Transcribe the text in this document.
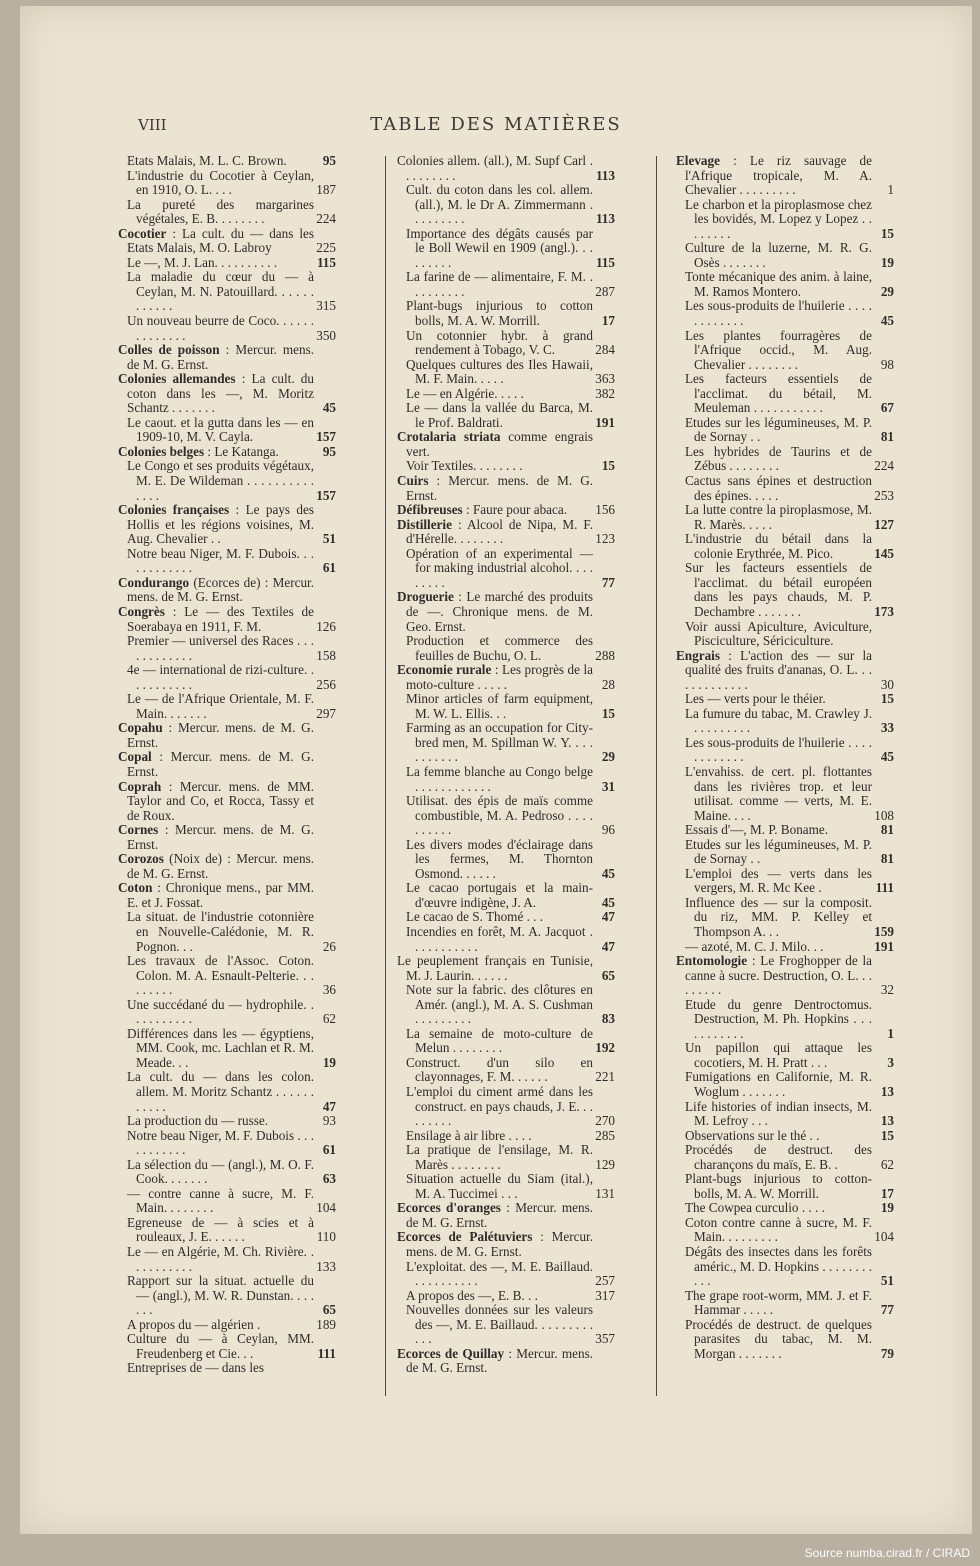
VIII	TABLE DES MATIÈRES
Etats Malais, M. L. C. Brown.	95
L'industrie du Cocotier à Ceylan, en 1910, O. L. . . .	187
La pureté des margarines végétales, E. B. . . . . . . .	224
Cocotier : La cult. du — dans les Etats Malais, M. O. Labroy	225
Le —, M. J. Lan. . . . . . . . . .	115
La maladie du cœur du — à Ceylan, M. N. Patouillard. . . . . . . . . . . .	315
Un nouveau beurre de Coco. . . . . . . . . . . . . .	350
Colles de poisson : Mercur. mens. de M. G. Ernst.
Colonies allemandes : La cult. du coton dans les —, M. Moritz Schantz . . . . . . .	45
Le caout. et la gutta dans les — en 1909-10, M. V. Cayla.	157
Colonies belges : Le Katanga.	95
Le Congo et ses produits végétaux, M. E. De Wildeman . . . . . . . . . . . . . .	157
Colonies françaises : Le pays des Hollis et les régions voisines, M. Aug. Chevalier . .	51
Notre beau Niger, M. F. Dubois. . . . . . . . . . . .	61
Condurango (Ecorces de) : Mercur. mens. de M. G. Ernst.
Congrès : Le — des Textiles de Soerabaya en 1911, F. M.	126
Premier — universel des Races . . . . . . . . . . . .	158
4e — international de rizi-culture. . . . . . . . . . .	256
Le — de l'Afrique Orientale, M. F. Main. . . . . . .	297
Copahu : Mercur. mens. de M. G. Ernst.
Copal : Mercur. mens. de M. G. Ernst.
Coprah : Mercur. mens. de MM. Taylor and Co, et Rocca, Tassy et de Roux.
Cornes : Mercur. mens. de M. G. Ernst.
Corozos (Noix de) : Mercur. mens. de M. G. Ernst.
Coton : Chronique mens., par MM. E. et J. Fossat.
La situat. de l'industrie cotonnière en Nouvelle-Calédonie, M. R. Pognon. . .	26
Les travaux de l'Assoc. Coton. Colon. M. A. Esnault-Pelterie. . . . . . . . .	36
Une succédané du — hydrophile. . . . . . . . . . .	62
Différences dans les — égyptiens, MM. Cook, mc. Lachlan et R. M. Meade. . .	19
La cult. du — dans les colon. allem. M. Moritz Schantz . . . . . . . . . . .	47
La production du — russe.	93
Notre beau Niger, M. F. Dubois . . . . . . . . . . .	61
La sélection du — (angl.), M. O. F. Cook. . . . . . .	63
— contre canne à sucre, M. F. Main. . . . . . . .	104
Egreneuse de — à scies et à rouleaux, J. E. . . . . .	110
Le — en Algérie, M. Ch. Rivière. . . . . . . . . . .	133
Rapport sur la situat. actuelle du — (angl.), M. W. R. Dunstan. . . . . . .	65
A propos du — algérien .	189
Culture du — à Ceylan, MM. Freudenberg et Cie. . .	111
Entreprises de — dans les
Colonies allem. (all.), M. Supf Carl . . . . . . . . .	113
Cult. du coton dans les col. allem. (all.), M. le Dr A. Zimmermann . . . . . . . . .	113
Importance des dégâts causés par le Boll Wewil en 1909 (angl.). . . . . . . . .	115
La farine de — alimentaire, F. M. . . . . . . . . .	287
Plant-bugs injurious to cotton bolls, M. A. W. Morrill.	17
Un cotonnier hybr. à grand rendement à Tobago, V. C.	284
Quelques cultures des Iles Hawaii, M. F. Main. . . . .	363
Le — en Algérie. . . . .	382
Le — dans la vallée du Barca, M. le Prof. Baldrati.	191
Crotalaria striata comme engrais vert.
Voir Textiles. . . . . . . .	15
Cuirs : Mercur. mens. de M. G. Ernst.
Défibreuses : Faure pour abaca. 156
Distillerie : Alcool de Nipa, M. F. d'Hérelle. . . . . . . .	123
Opération of an experimental — for making industrial alcohol. . . . . . . . .	77
Droguerie : Le marché des produits de —. Chronique mens. de M. Geo. Ernst.
Production et commerce des feuilles de Buchu, O. L.	288
Economie rurale : Les progrès de la moto-culture . . . . .	28
Minor articles of farm equipment, M. W. L. Ellis. . .	15
Farming as an occupation for City-bred men, M. Spillman W. Y. . . . . . . . . . .	29
La femme blanche au Congo belge . . . . . . . . . . . .	31
Utilisat. des épis de maïs comme combustible, M. A. Pedroso . . . . . . . . . .	96
Les divers modes d'éclairage dans les fermes, M. Thornton Osmond. . . . . .	45
Le cacao portugais et la main-d'œuvre indigène, J. A.	45
Le cacao de S. Thomé . . .	47
Incendies en forêt, M. A. Jacquot . . . . . . . . . . .	47
Le peuplement français en Tunisie, M. J. Laurin. . . . . .	65
Note sur la fabric. des clôtures en Amér. (angl.), M. A. S. Cushman . . . . . . . . .	83
La semaine de moto-culture de Melun . . . . . . . .	192
Construct. d'un silo en clayonnages, F. M. . . . . .	221
L'emploi du ciment armé dans les construct. en pays chauds, J. E. . . . . . . . .	270
Ensilage à air libre . . . .	285
La pratique de l'ensilage, M. R. Marès . . . . . . . .	129
Situation actuelle du Siam (ital.), M. A. Tuccimei . . .	131
Ecorces d'oranges : Mercur. mens. de M. G. Ernst.
Ecorces de Palétuviers : Mercur. mens. de M. G. Ernst.
L'exploitat. des —, M. E. Baillaud. . . . . . . . . . .	257
A propos des —, E. B. . .	317
Nouvelles données sur les valeurs des —, M. E. Baillaud. . . . . . . . . . . .	357
Ecorces de Quillay : Mercur. mens. de M. G. Ernst.
Elevage : Le riz sauvage de l'Afrique tropicale, M. A. Chevalier . . . . . . . . .	1
Le charbon et la piroplasmose chez les bovidés, M. Lopez y Lopez . . . . . . . .	15
Culture de la luzerne, M. R. G. Osès . . . . . . .	19
Tonte mécanique des anim. à laine, M. Ramos Montero.	29
Les sous-produits de l'huilerie . . . . . . . . . . . .	45
Les plantes fourragères de l'Afrique occid., M. Aug. Chevalier . . . . . . . .	98
Les facteurs essentiels de l'acclimat. du bétail, M. Meuleman . . . . . . . . . . .	67
Etudes sur les légumineuses, M. P. de Sornay . .	81
Les hybrides de Taurins et de Zébus . . . . . . . .	224
Cactus sans épines et destruction des épines. . . . .	253
La lutte contre la piroplasmose, M. R. Marès. . . . .	127
L'industrie du bétail dans la colonie Erythrée, M. Pico.	145
Sur les facteurs essentiels de l'acclimat. du bétail européen dans les pays chauds, M. P. Dechambre . . . . . . .	173
Voir aussi Apiculture, Aviculture, Pisciculture, Sériciculture.
Engrais : L'action des — sur la qualité des fruits d'ananas, O. L. . . . . . . . . . . . .	30
Les — verts pour le théier.	15
La fumure du tabac, M. Crawley J. . . . . . . . . .	33
Les sous-produits de l'huilerie . . . . . . . . . . . .	45
L'envahiss. de cert. pl. flottantes dans les rivières trop. et leur utilisat. comme — verts, M. E. Maine. . . .	108
Essais d'—, M. P. Boname.	81
Etudes sur les légumineuses, M. P. de Sornay . .	81
L'emploi des — verts dans les vergers, M. R. Mc Kee .	111
Influence des — sur la composit. du riz, MM. P. Kelley et Thompson A. . .	159
— azoté, M. C. J. Milo. . .	191
Entomologie : Le Froghopper de la canne à sucre. Destruction, O. L. . . . . . . . .	32
Etude du genre Dentroctomus. Destruction, M. Ph. Hopkins . . . . . . . . . . .	1
Un papillon qui attaque les cocotiers, M. H. Pratt . . .	3
Fumigations en Californie, M. R. Woglum . . . . . . .	13
Life histories of indian insects, M. M. Lefroy . . .	13
Observations sur le thé . .	15
Procédés de destruct. des charançons du maïs, E. B. .	62
Plant-bugs injurious to cotton-bolls, M. A. W. Morrill.	17
The Cowpea curculio . . . .	19
Coton contre canne à sucre, M. F. Main. . . . . . . . .	104
Dégâts des insectes dans les forêts améric., M. D. Hopkins . . . . . . . . . . .	51
The grape root-worm, MM. J. et F. Hammar . . . . .	77
Procédés de destruct. de quelques parasites du tabac, M. M. Morgan . . . . . . .	79
Source numba.cirad.fr / CIRAD
